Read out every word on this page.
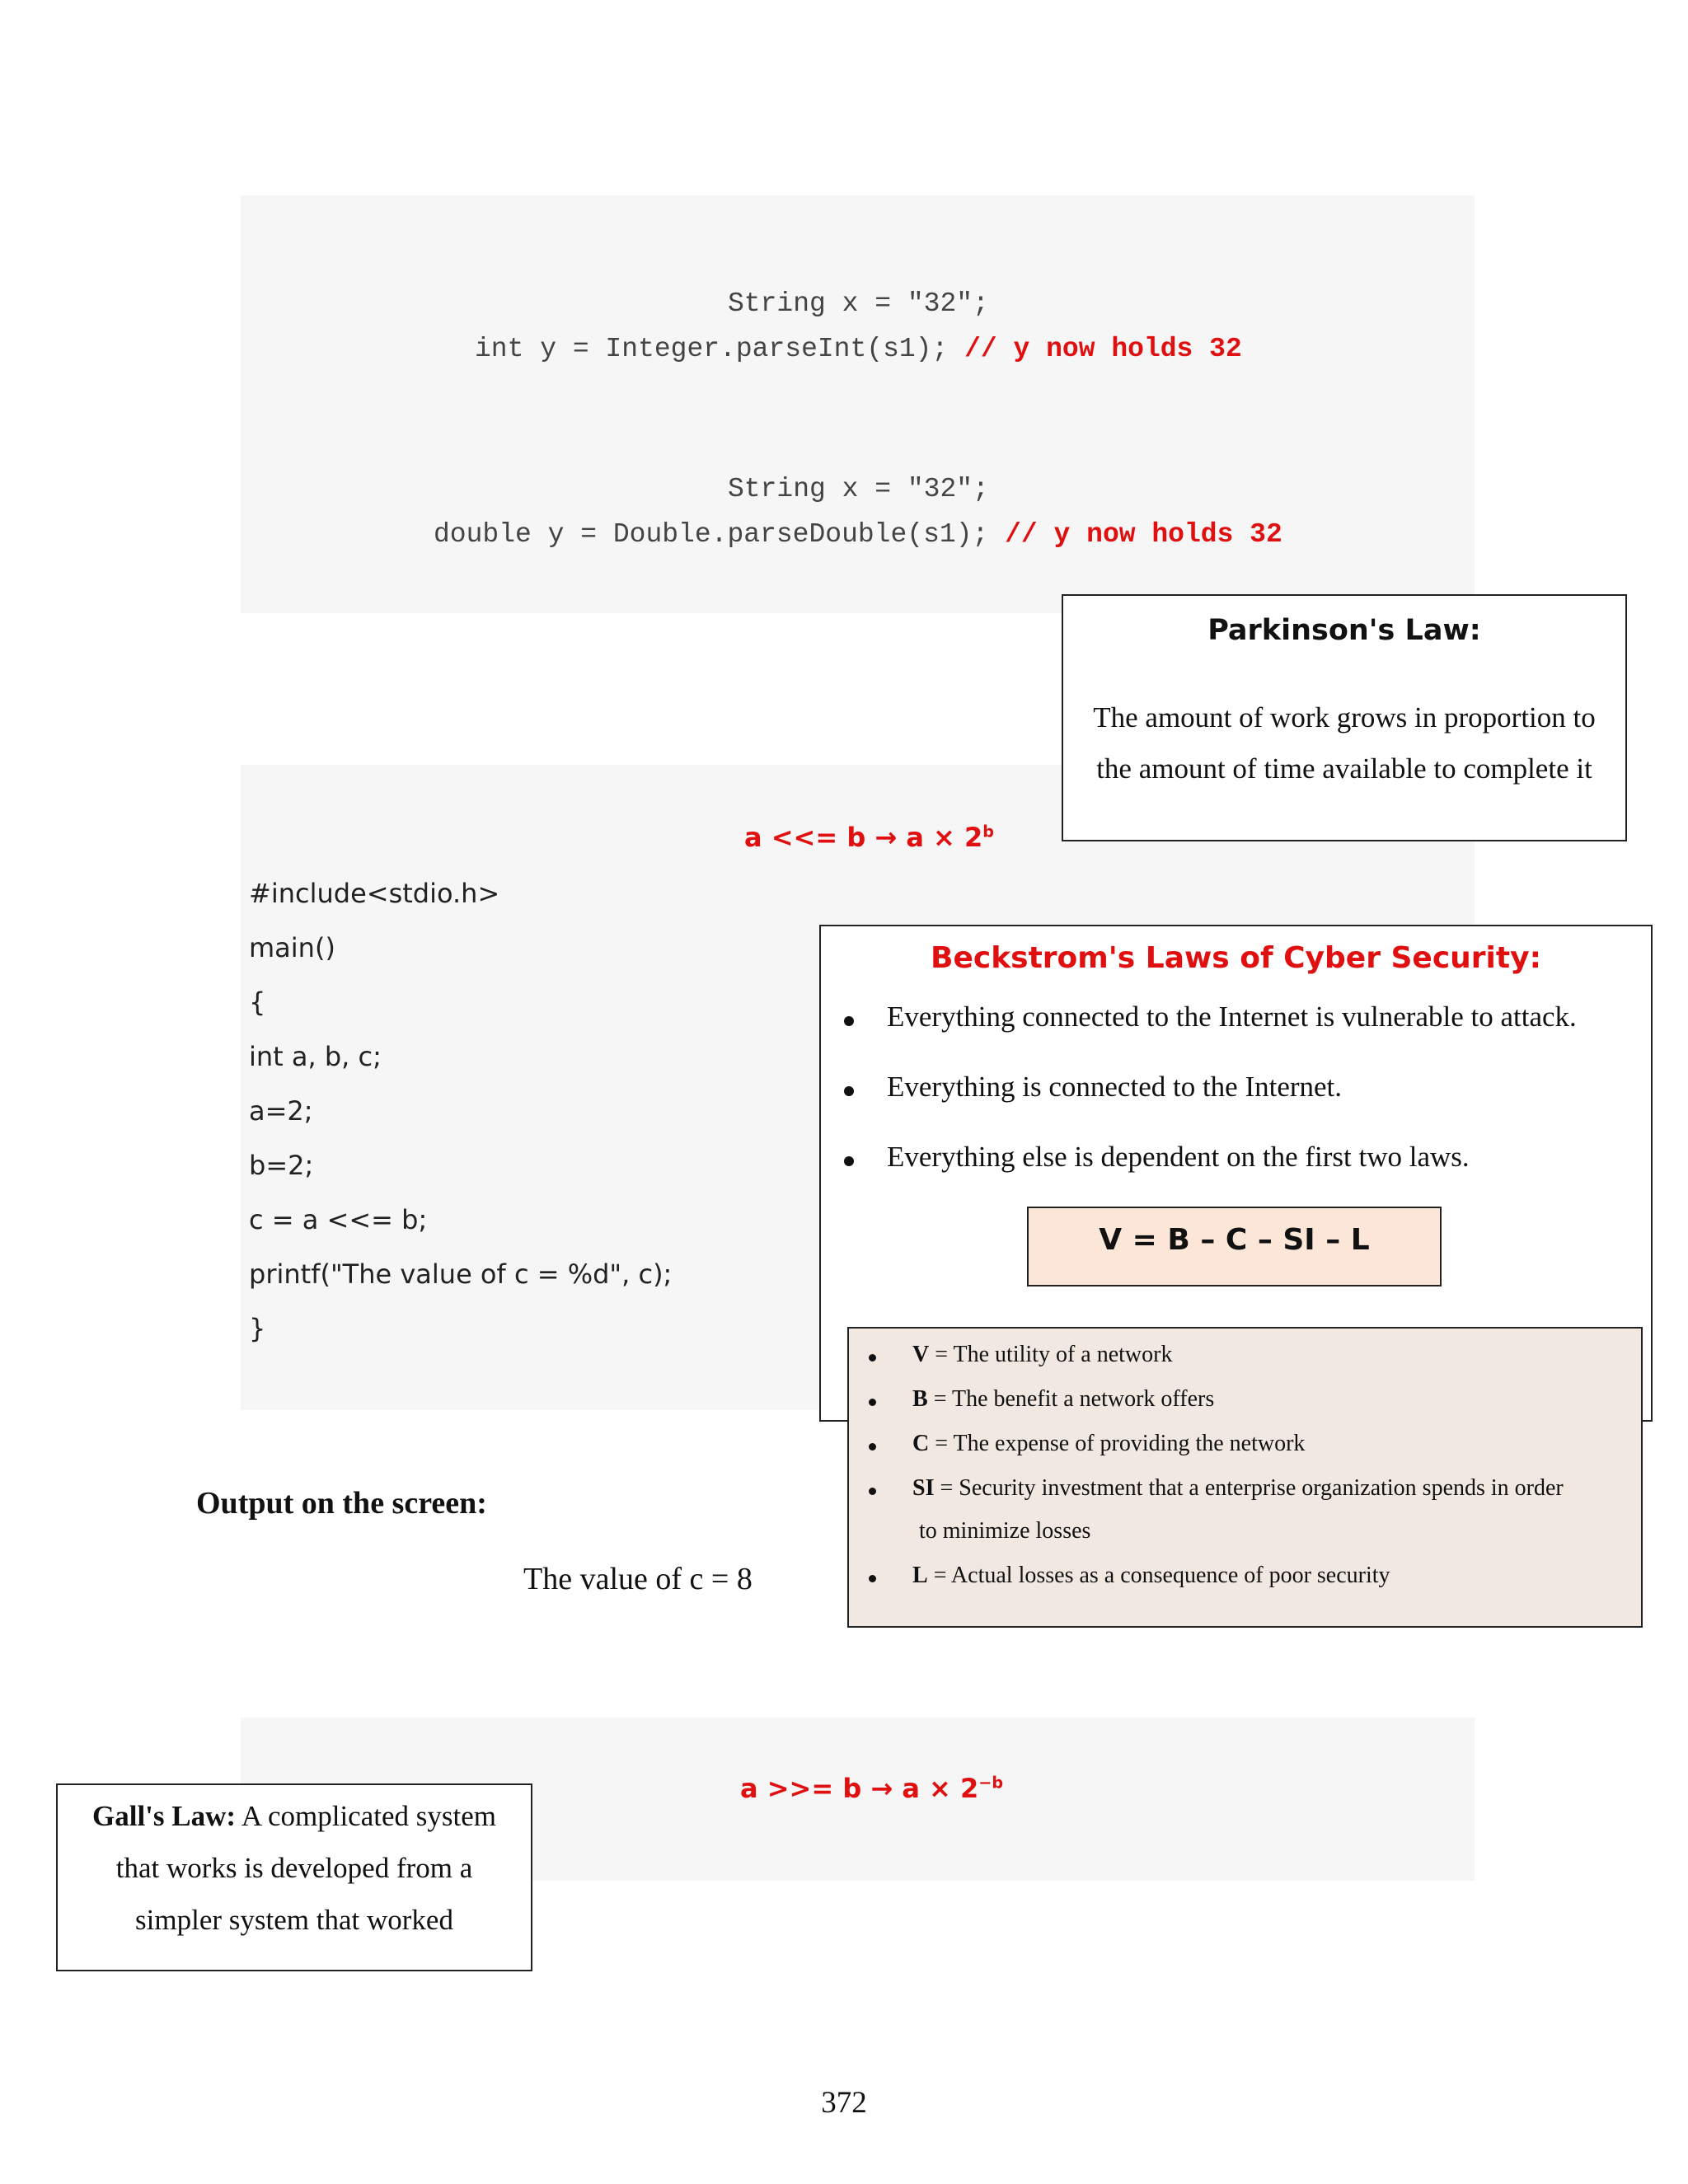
String x = "32";
int y = Integer.parseInt(s1); // y now holds 32
String x = "32";
double y = Double.parseDouble(s1); // y now holds 32
a <<= $b \to a \times 2^b$
#include<stdio.h>
main()
{
int a, b, c;
a=2;
b=2;
c = a <<= b;
printf("The value of c = %d", c);
}
a >>= $b \to a \times 2^{-b}$
Parkinson's Law:
The amount of work grows in proportion to
the amount of time available to complete it
Beckstrom's Laws of Cyber Security:
Everything connected to the Internet is vulnerable to attack.
Everything is connected to the Internet.
Everything else is dependent on the first two laws.
V = B – C – SI – L
V = The utility of a network
B = The benefit a network offers
C = The expense of providing the network
SI = Security investment that a enterprise organization spends in order
to minimize losses
L = Actual losses as a consequence of poor security
Output on the screen:
The value of c = 8
Gall's Law: A complicated system
that works is developed from a
simpler system that worked
372
